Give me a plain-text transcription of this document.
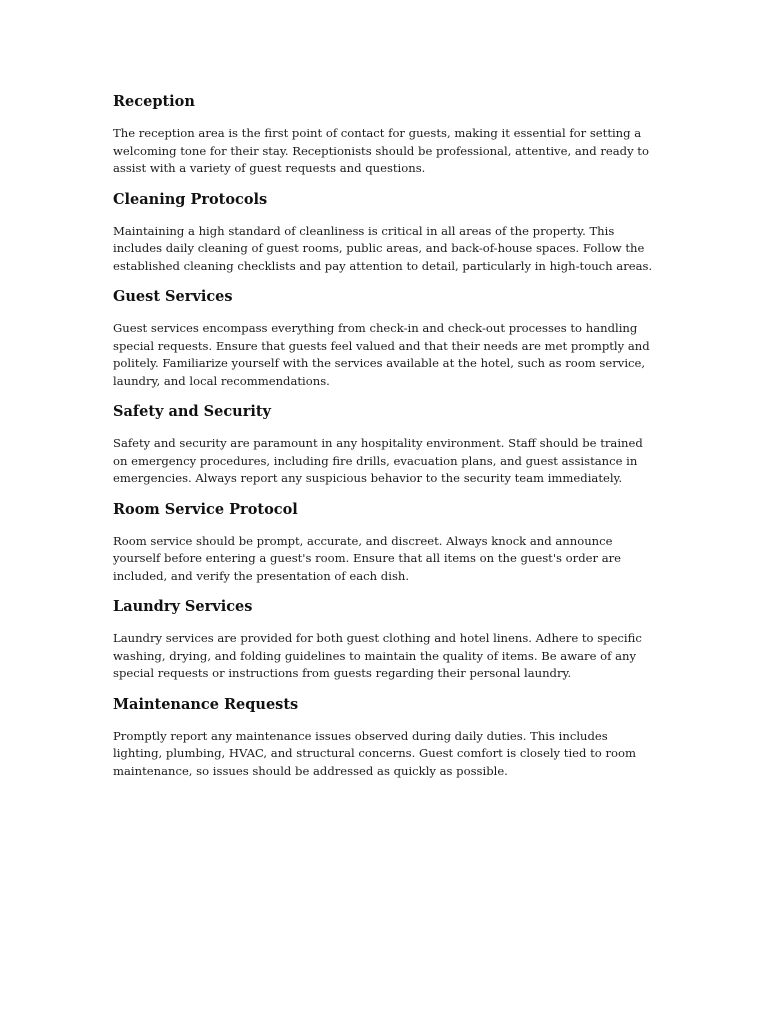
Reception

The reception area is the first point of contact for guests, making it essential for setting a welcoming tone for their stay. Receptionists should be professional, attentive, and ready to assist with a variety of guest requests and questions.

Cleaning Protocols

Maintaining a high standard of cleanliness is critical in all areas of the property. This includes daily cleaning of guest rooms, public areas, and back-of-house spaces. Follow the established cleaning checklists and pay attention to detail, particularly in high-touch areas.

Guest Services

Guest services encompass everything from check-in and check-out processes to handling special requests. Ensure that guests feel valued and that their needs are met promptly and politely. Familiarize yourself with the services available at the hotel, such as room service, laundry, and local recommendations.

Safety and Security

Safety and security are paramount in any hospitality environment. Staff should be trained on emergency procedures, including fire drills, evacuation plans, and guest assistance in emergencies. Always report any suspicious behavior to the security team immediately.

Room Service Protocol

Room service should be prompt, accurate, and discreet. Always knock and announce yourself before entering a guest's room. Ensure that all items on the guest's order are included, and verify the presentation of each dish.

Laundry Services

Laundry services are provided for both guest clothing and hotel linens. Adhere to specific washing, drying, and folding guidelines to maintain the quality of items. Be aware of any special requests or instructions from guests regarding their personal laundry.

Maintenance Requests

Promptly report any maintenance issues observed during daily duties. This includes lighting, plumbing, HVAC, and structural concerns. Guest comfort is closely tied to room maintenance, so issues should be addressed as quickly as possible.
